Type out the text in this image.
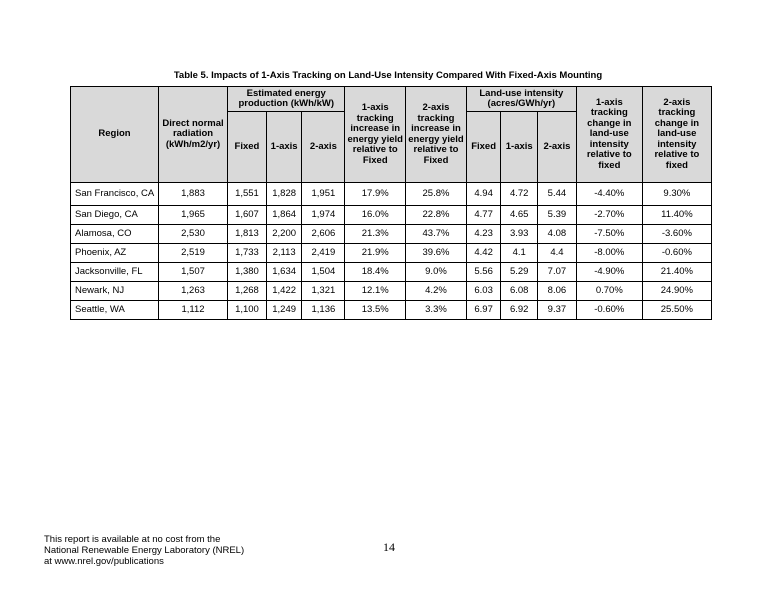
Table 5. Impacts of 1-Axis Tracking on Land-Use Intensity Compared With Fixed-Axis Mounting
Region	Direct normal radiation (kWh/m2/yr)	Estimated energy production (kWh/kW)			1-axis tracking increase in energy yield relative to Fixed	2-axis tracking increase in energy yield relative to Fixed	Land-use intensity (acres/GWh/yr)			1-axis tracking change in land-use intensity relative to fixed	2-axis tracking change in land-use intensity relative to fixed
		Fixed	1-axis	2-axis			Fixed	1-axis	2-axis		
San Francisco, CA	1,883	1,551	1,828	1,951	17.9%	25.8%	4.94	4.72	5.44	-4.40%	9.30%
San Diego, CA	1,965	1,607	1,864	1,974	16.0%	22.8%	4.77	4.65	5.39	-2.70%	11.40%
Alamosa, CO	2,530	1,813	2,200	2,606	21.3%	43.7%	4.23	3.93	4.08	-7.50%	-3.60%
Phoenix, AZ	2,519	1,733	2,113	2,419	21.9%	39.6%	4.42	4.1	4.4	-8.00%	-0.60%
Jacksonville, FL	1,507	1,380	1,634	1,504	18.4%	9.0%	5.56	5.29	7.07	-4.90%	21.40%
Newark, NJ	1,263	1,268	1,422	1,321	12.1%	4.2%	6.03	6.08	8.06	0.70%	24.90%
Seattle, WA	1,112	1,100	1,249	1,136	13.5%	3.3%	6.97	6.92	9.37	-0.60%	25.50%
This report is available at no cost from the
National Renewable Energy Laboratory (NREL)
at www.nrel.gov/publications
14
